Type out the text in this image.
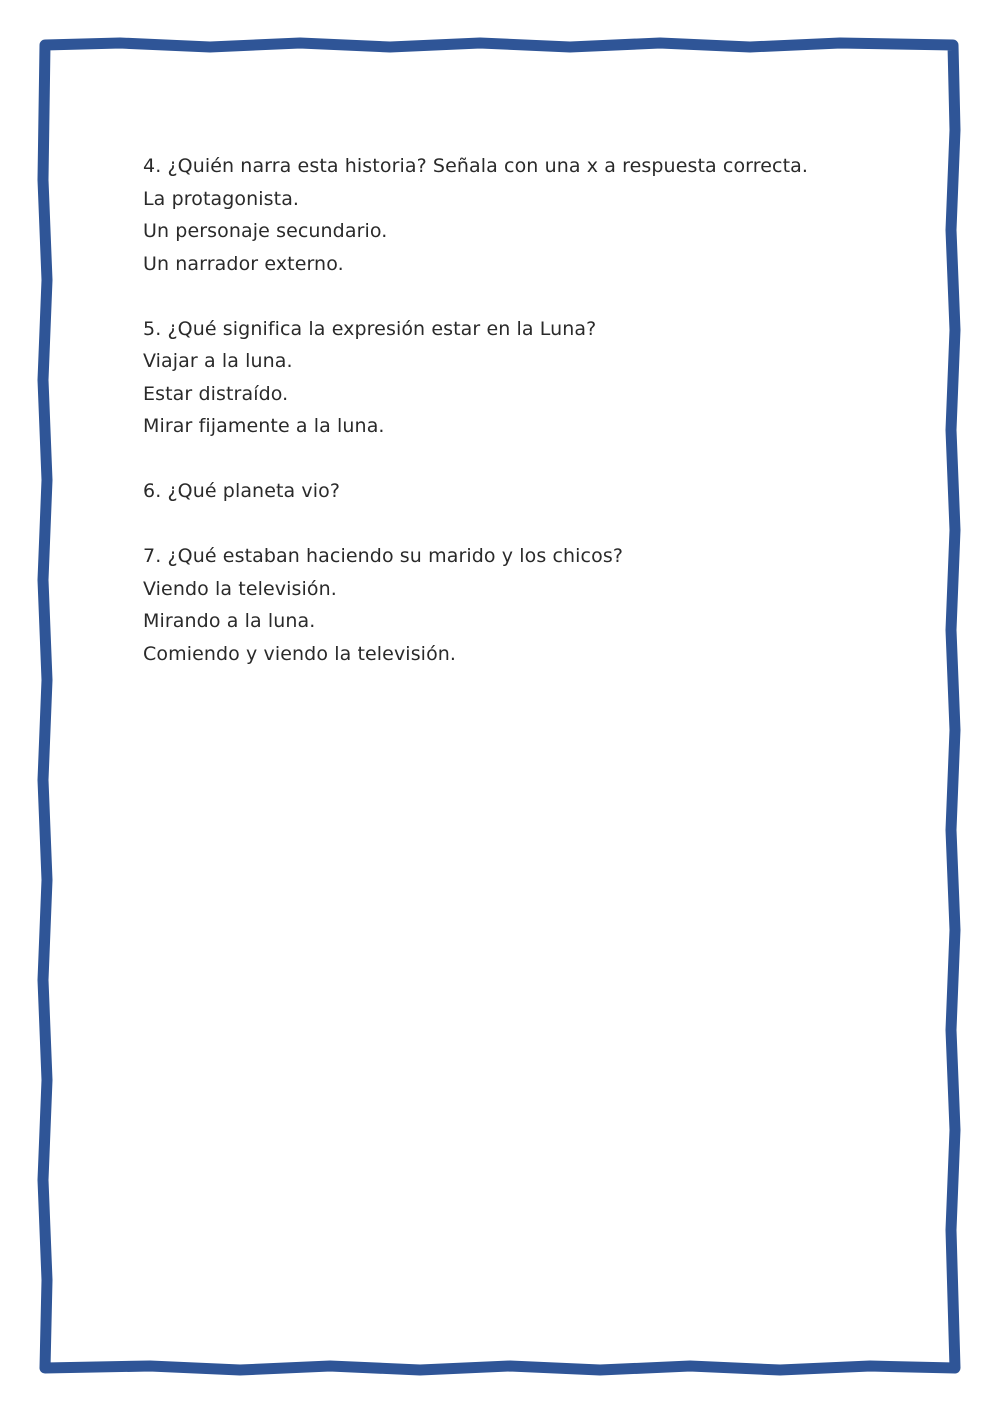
4. ¿Quién narra esta historia? Señala con una x a respuesta correcta.
La protagonista.
Un personaje secundario.
Un narrador externo.
5. ¿Qué significa la expresión estar en la Luna?
Viajar a la luna.
Estar distraído.
Mirar fijamente a la luna.
6. ¿Qué planeta vio?
7. ¿Qué estaban haciendo su marido y los chicos?
Viendo la televisión.
Mirando a la luna.
Comiendo y viendo la televisión.
